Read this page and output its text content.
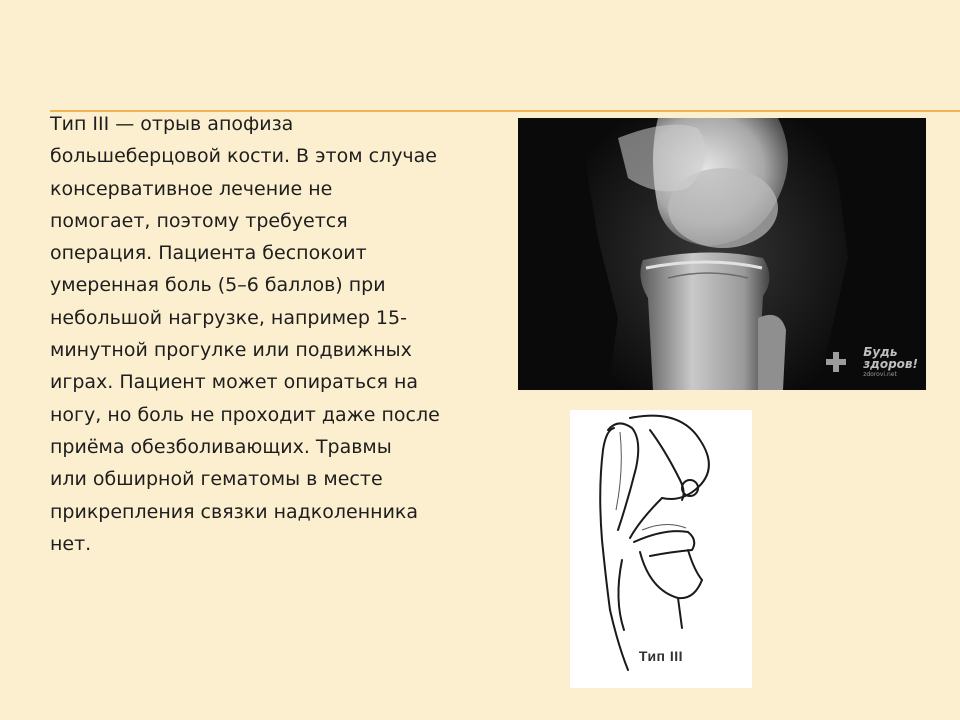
Тип III — отрыв апофиза
большеберцовой кости. В этом случае
консервативное лечение не
помогает, поэтому требуется
операция. Пациента беспокоит
умеренная боль (5–6 баллов) при
небольшой нагрузке, например 15-
минутной прогулке или подвижных
играх. Пациент может опираться на
ногу, но боль не проходит даже после
приёма обезболивающих. Травмы
или обширной гематомы в месте
прикрепления связки надколенника
нет.

Будь
здоров!
zdorovi.net
Тип III
